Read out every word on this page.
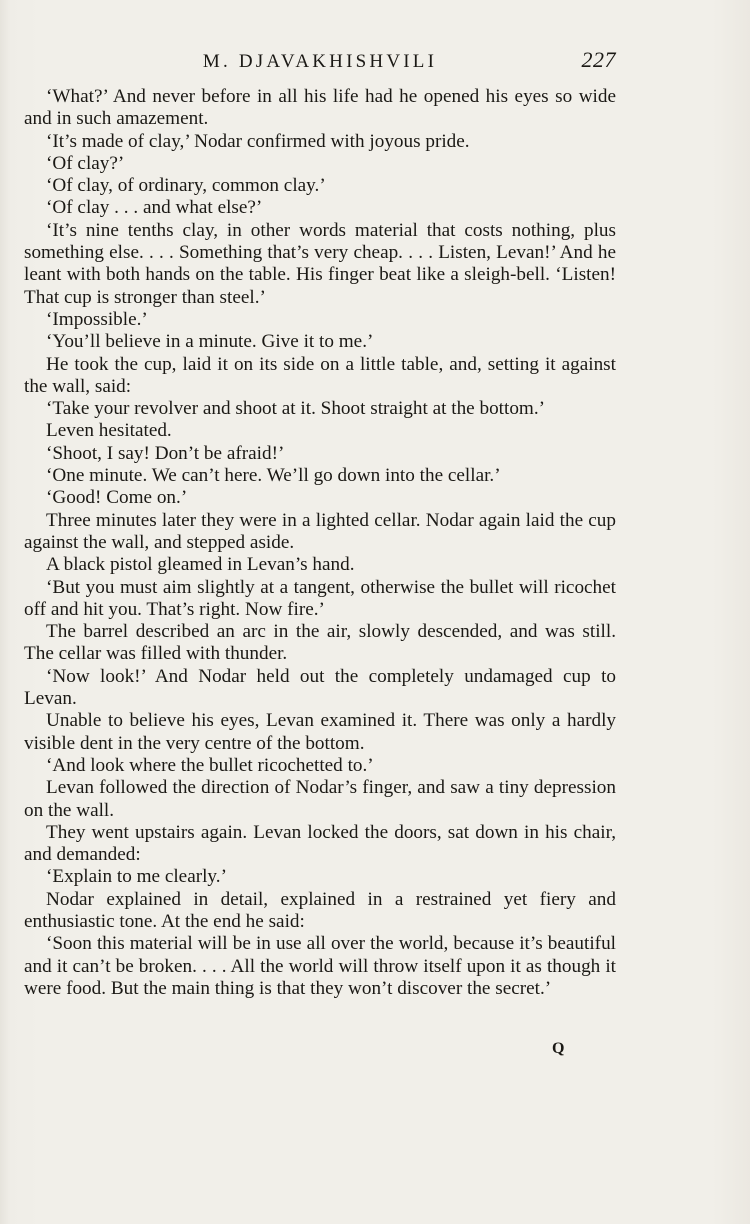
M. DJAVAKHISHVILI	227

‘What?’ And never before in all his life had he opened his eyes so wide and in such amazement.

‘It’s made of clay,’ Nodar confirmed with joyous pride.

‘Of clay?’

‘Of clay, of ordinary, common clay.’

‘Of clay . . . and what else?’

‘It’s nine tenths clay, in other words material that costs nothing, plus something else. . . . Something that’s very cheap. . . . Listen, Levan!’ And he leant with both hands on the table. His finger beat like a sleigh-bell. ‘Listen! That cup is stronger than steel.’

‘Impossible.’

‘You’ll believe in a minute. Give it to me.’

He took the cup, laid it on its side on a little table, and, setting it against the wall, said:

‘Take your revolver and shoot at it. Shoot straight at the bottom.’

Leven hesitated.

‘Shoot, I say! Don’t be afraid!’

‘One minute. We can’t here. We’ll go down into the cellar.’

‘Good! Come on.’

Three minutes later they were in a lighted cellar. Nodar again laid the cup against the wall, and stepped aside.

A black pistol gleamed in Levan’s hand.

‘But you must aim slightly at a tangent, otherwise the bullet will ricochet off and hit you. That’s right. Now fire.’

The barrel described an arc in the air, slowly descended, and was still. The cellar was filled with thunder.

‘Now look!’ And Nodar held out the completely undamaged cup to Levan.

Unable to believe his eyes, Levan examined it. There was only a hardly visible dent in the very centre of the bottom.

‘And look where the bullet ricochetted to.’

Levan followed the direction of Nodar’s finger, and saw a tiny depression on the wall.

They went upstairs again. Levan locked the doors, sat down in his chair, and demanded:

‘Explain to me clearly.’

Nodar explained in detail, explained in a restrained yet fiery and enthusiastic tone. At the end he said:

‘Soon this material will be in use all over the world, because it’s beautiful and it can’t be broken. . . . All the world will throw itself upon it as though it were food. But the main thing is that they won’t discover the secret.’

Q
